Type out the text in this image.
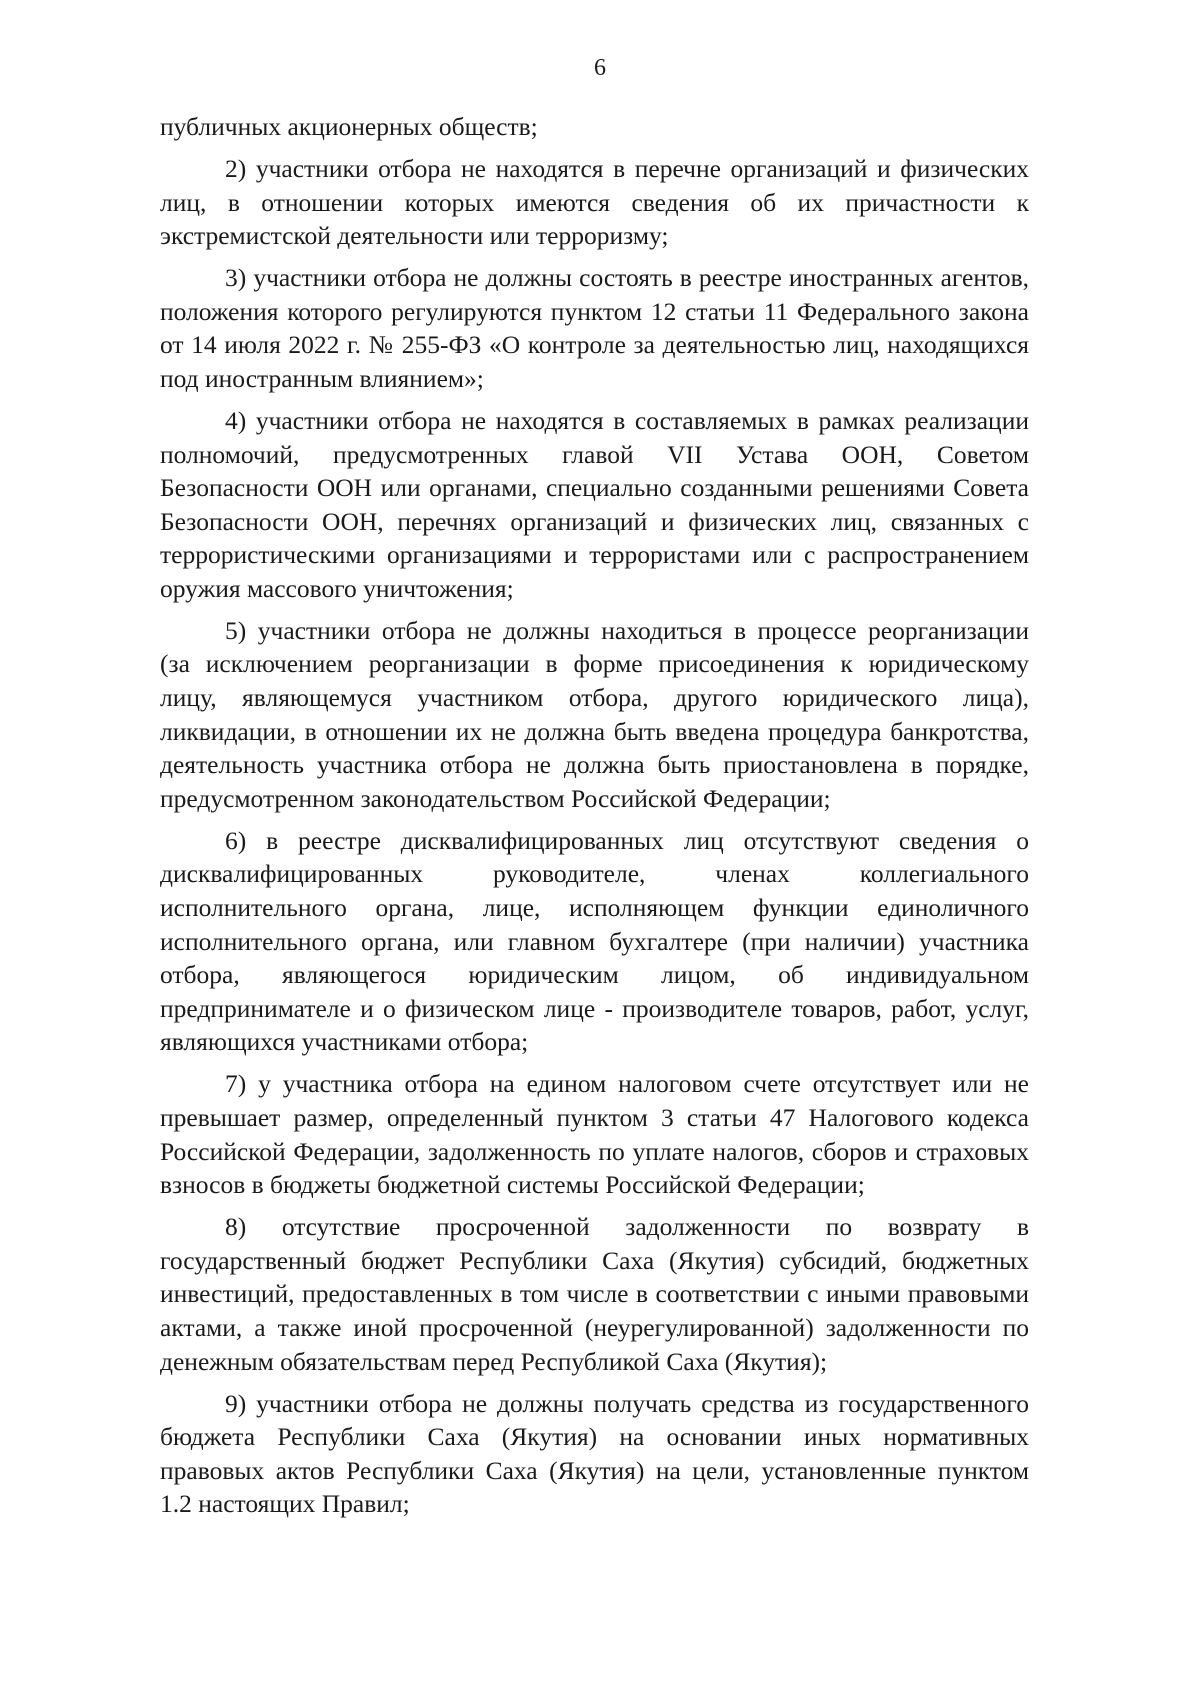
6
публичных акционерных обществ;
2) участники отбора не находятся в перечне организаций и физических
лиц, в отношении которых имеются сведения об их причастности к
экстремистской деятельности или терроризму;
3) участники отбора не должны состоять в реестре иностранных агентов,
положения которого регулируются пунктом 12 статьи 11 Федерального закона
от 14 июля 2022 г. № 255-ФЗ «О контроле за деятельностью лиц, находящихся
под иностранным влиянием»;
4) участники отбора не находятся в составляемых в рамках реализации
полномочий, предусмотренных главой VII Устава ООН, Советом
Безопасности ООН или органами, специально созданными решениями Совета
Безопасности ООН, перечнях организаций и физических лиц, связанных с
террористическими организациями и террористами или с распространением
оружия массового уничтожения;
5) участники отбора не должны находиться в процессе реорганизации
(за исключением реорганизации в форме присоединения к юридическому
лицу, являющемуся участником отбора, другого юридического лица),
ликвидации, в отношении их не должна быть введена процедура банкротства,
деятельность участника отбора не должна быть приостановлена в порядке,
предусмотренном законодательством Российской Федерации;
6) в реестре дисквалифицированных лиц отсутствуют сведения о
дисквалифицированных руководителе, членах коллегиального
исполнительного органа, лице, исполняющем функции единоличного
исполнительного органа, или главном бухгалтере (при наличии) участника
отбора, являющегося юридическим лицом, об индивидуальном
предпринимателе и о физическом лице - производителе товаров, работ, услуг,
являющихся участниками отбора;
7) у участника отбора на едином налоговом счете отсутствует или не
превышает размер, определенный пунктом 3 статьи 47 Налогового кодекса
Российской Федерации, задолженность по уплате налогов, сборов и страховых
взносов в бюджеты бюджетной системы Российской Федерации;
8) отсутствие просроченной задолженности по возврату в
государственный бюджет Республики Саха (Якутия) субсидий, бюджетных
инвестиций, предоставленных в том числе в соответствии с иными правовыми
актами, а также иной просроченной (неурегулированной) задолженности по
денежным обязательствам перед Республикой Саха (Якутия);
9) участники отбора не должны получать средства из государственного
бюджета Республики Саха (Якутия) на основании иных нормативных
правовых актов Республики Саха (Якутия) на цели, установленные пунктом
1.2 настоящих Правил;
